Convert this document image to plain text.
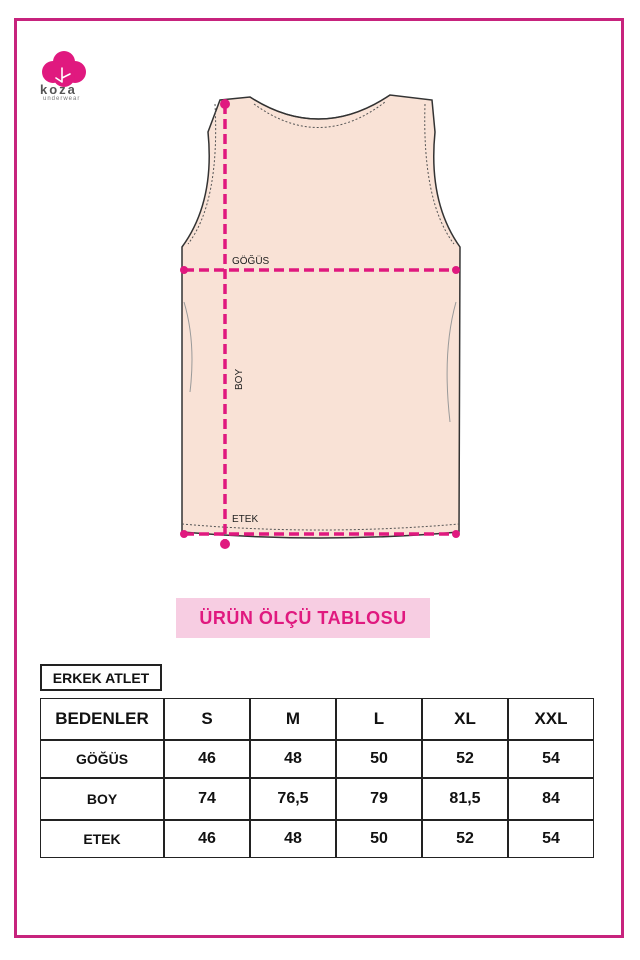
koza
underwear
GÖĞÜS
ETEK
BOY
ÜRÜN ÖLÇÜ TABLOSU
ERKEK ATLET
BEDENLER	S	M	L	XL	XXL
GÖĞÜS	46	48	50	52	54
BOY	74	76,5	79	81,5	84
ETEK	46	48	50	52	54
